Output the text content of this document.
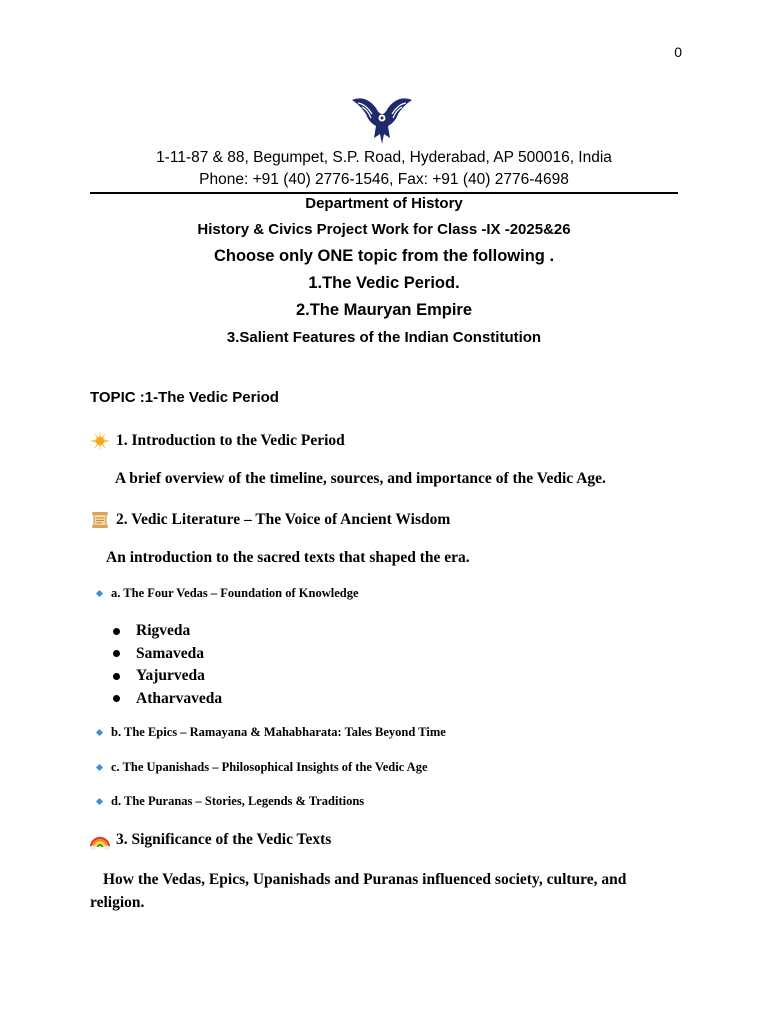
0
1-11-87 & 88, Begumpet, S.P. Road, Hyderabad, AP 500016, India
Phone: +91 (40) 2776-1546, Fax: +91 (40) 2776-4698
Department of History
History & Civics Project Work for Class -IX -2025&26
Choose only ONE topic from the following .
1.The Vedic Period.
2.The Mauryan Empire
3.Salient Features of the Indian Constitution
TOPIC :1-The Vedic Period
1. Introduction to the Vedic Period
A brief overview of the timeline, sources, and importance of the Vedic Age.
2. Vedic Literature – The Voice of Ancient Wisdom
An introduction to the sacred texts that shaped the era.
a. The Four Vedas – Foundation of Knowledge
Rigveda
Samaveda
Yajurveda
Atharvaveda
b. The Epics – Ramayana & Mahabharata: Tales Beyond Time
c. The Upanishads – Philosophical Insights of the Vedic Age
d. The Puranas – Stories, Legends & Traditions
3. Significance of the Vedic Texts
How the Vedas, Epics, Upanishads and Puranas influenced society, culture, and religion.
